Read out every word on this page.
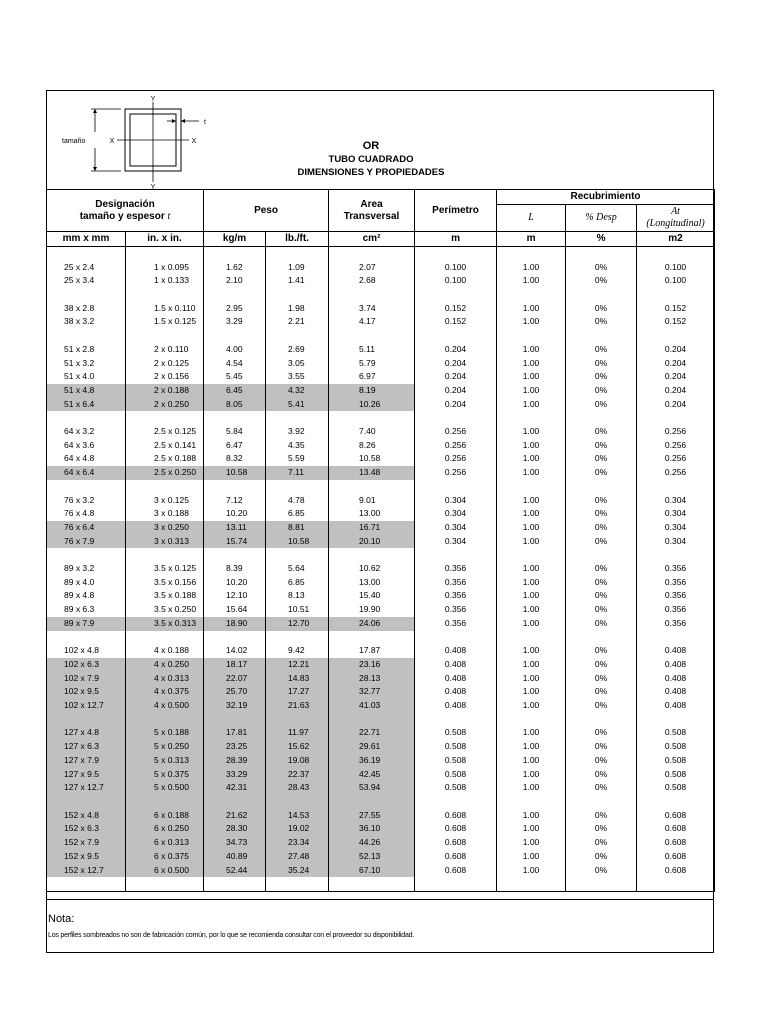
Y
Y
X	X
tamaño
t
OR
TUBO CUADRADO
DIMENSIONES Y PROPIEDADES
Designación
tamaño y espesor t		Peso		Area
Transversal	Perímetro	Recubrimiento		
						L	% Desp	At
(Longitudinal)
mm x mm	in. x in.	kg/m	lb./ft.	cm²	m	m	%	m2

25 x 2.4	1 x 0.095	1.62	1.09	2.07	0.100	1.00	0%	0.100
25 x 3.4	1 x 0.133	2.10	1.41	2.68	0.100	1.00	0%	0.100

38 x 2.8	1.5 x 0.110	2.95	1.98	3.74	0.152	1.00	0%	0.152
38 x 3.2	1.5 x 0.125	3.29	2.21	4.17	0.152	1.00	0%	0.152

51 x 2.8	2 x 0.110	4.00	2.69	5.11	0.204	1.00	0%	0.204
51 x 3.2	2 x 0.125	4.54	3.05	5.79	0.204	1.00	0%	0.204
51 x 4.0	2 x 0.156	5.45	3.55	6.97	0.204	1.00	0%	0.204
51 x 4.8	2 x 0.188	6.45	4.32	8.19	0.204	1.00	0%	0.204
51 x 6.4	2 x 0.250	8.05	5.41	10.26	0.204	1.00	0%	0.204

64 x 3.2	2.5 x 0.125	5.84	3.92	7.40	0.256	1.00	0%	0.256
64 x 3.6	2.5 x 0.141	6.47	4.35	8.26	0.256	1.00	0%	0.256
64 x 4.8	2.5 x 0.188	8.32	5.59	10.58	0.256	1.00	0%	0.256
64 x 6.4	2.5 x 0.250	10.58	7.11	13.48	0.256	1.00	0%	0.256

76 x 3.2	3 x 0.125	7.12	4.78	9.01	0.304	1.00	0%	0.304
76 x 4.8	3 x 0.188	10.20	6.85	13.00	0.304	1.00	0%	0.304
76 x 6.4	3 x 0.250	13.11	8.81	16.71	0.304	1.00	0%	0.304
76 x 7.9	3 x 0.313	15.74	10.58	20.10	0.304	1.00	0%	0.304

89 x 3.2	3.5 x 0.125	8.39	5.64	10.62	0.356	1.00	0%	0.356
89 x 4.0	3.5 x 0.156	10.20	6.85	13.00	0.356	1.00	0%	0.356
89 x 4.8	3.5 x 0.188	12.10	8.13	15.40	0.356	1.00	0%	0.356
89 x 6.3	3.5 x 0.250	15.64	10.51	19.90	0.356	1.00	0%	0.356
89 x 7.9	3.5 x 0.313	18.90	12.70	24.06	0.356	1.00	0%	0.356

102 x 4.8	4 x 0.188	14.02	9.42	17.87	0.408	1.00	0%	0.408
102 x 6.3	4 x 0.250	18.17	12.21	23.16	0.408	1.00	0%	0.408
102 x 7.9	4 x 0.313	22.07	14.83	28.13	0.408	1.00	0%	0.408
102 x 9.5	4 x 0.375	25.70	17.27	32.77	0.408	1.00	0%	0.408
102 x 12.7	4 x 0.500	32.19	21.63	41.03	0.408	1.00	0%	0.408

127 x 4.8	5 x 0.188	17.81	11.97	22.71	0.508	1.00	0%	0.508
127 x 6.3	5 x 0.250	23.25	15.62	29.61	0.508	1.00	0%	0.508
127 x 7.9	5 x 0.313	28.39	19.08	36.19	0.508	1.00	0%	0.508
127 x 9.5	5 x 0.375	33.29	22.37	42.45	0.508	1.00	0%	0.508
127 x 12.7	5 x 0.500	42.31	28.43	53.94	0.508	1.00	0%	0.508

152 x 4.8	6 x 0.188	21.62	14.53	27.55	0.608	1.00	0%	0.608
152 x 6.3	6 x 0.250	28.30	19.02	36.10	0.608	1.00	0%	0.608
152 x 7.9	6 x 0.313	34.73	23.34	44.26	0.608	1.00	0%	0.608
152 x 9.5	6 x 0.375	40.89	27.48	52.13	0.608	1.00	0%	0.608
152 x 12.7	6 x 0.500	52.44	35.24	67.10	0.608	1.00	0%	0.608

Nota:
Los perfiles sombreados no son de fabricación común, por lo que se recomienda consultar con el proveedor su disponibilidad.
